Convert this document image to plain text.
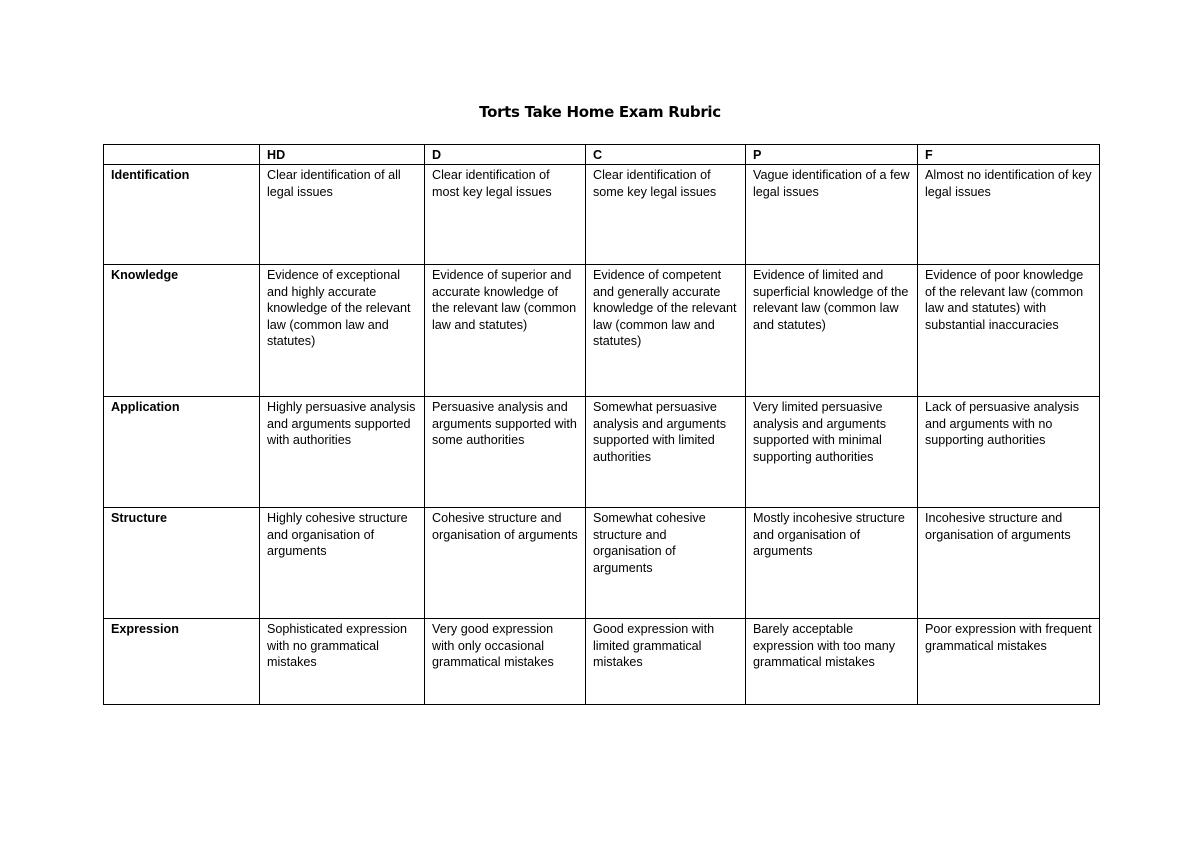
Torts Take Home Exam Rubric
	HD	D	C	P	F
Identification	Clear identification of all legal issues	Clear identification of most key legal issues	Clear identification of some key legal issues	Vague identification of a few legal issues	Almost no identification of key legal issues
Knowledge	Evidence of exceptional and highly accurate knowledge of the relevant law (common law and statutes)	Evidence of superior and accurate knowledge of the relevant law (common law and statutes)	Evidence of competent and generally accurate knowledge of the relevant law (common law and statutes)	Evidence of limited and superficial knowledge of the relevant law (common law and statutes)	Evidence of poor knowledge of the relevant law (common law and statutes) with substantial inaccuracies
Application	Highly persuasive analysis and arguments supported with authorities	Persuasive analysis and arguments supported with some authorities	Somewhat persuasive analysis and arguments supported with limited authorities	Very limited persuasive analysis and arguments supported with minimal supporting authorities	Lack of persuasive analysis and arguments with no supporting authorities
Structure	Highly cohesive structure and organisation of arguments	Cohesive structure and organisation of arguments	Somewhat cohesive structure and organisation of arguments	Mostly incohesive structure and organisation of arguments	Incohesive structure and organisation of arguments
Expression	Sophisticated expression with no grammatical mistakes	Very good expression with only occasional grammatical mistakes	Good expression with limited grammatical mistakes	Barely acceptable expression with too many grammatical mistakes	Poor expression with frequent grammatical mistakes
